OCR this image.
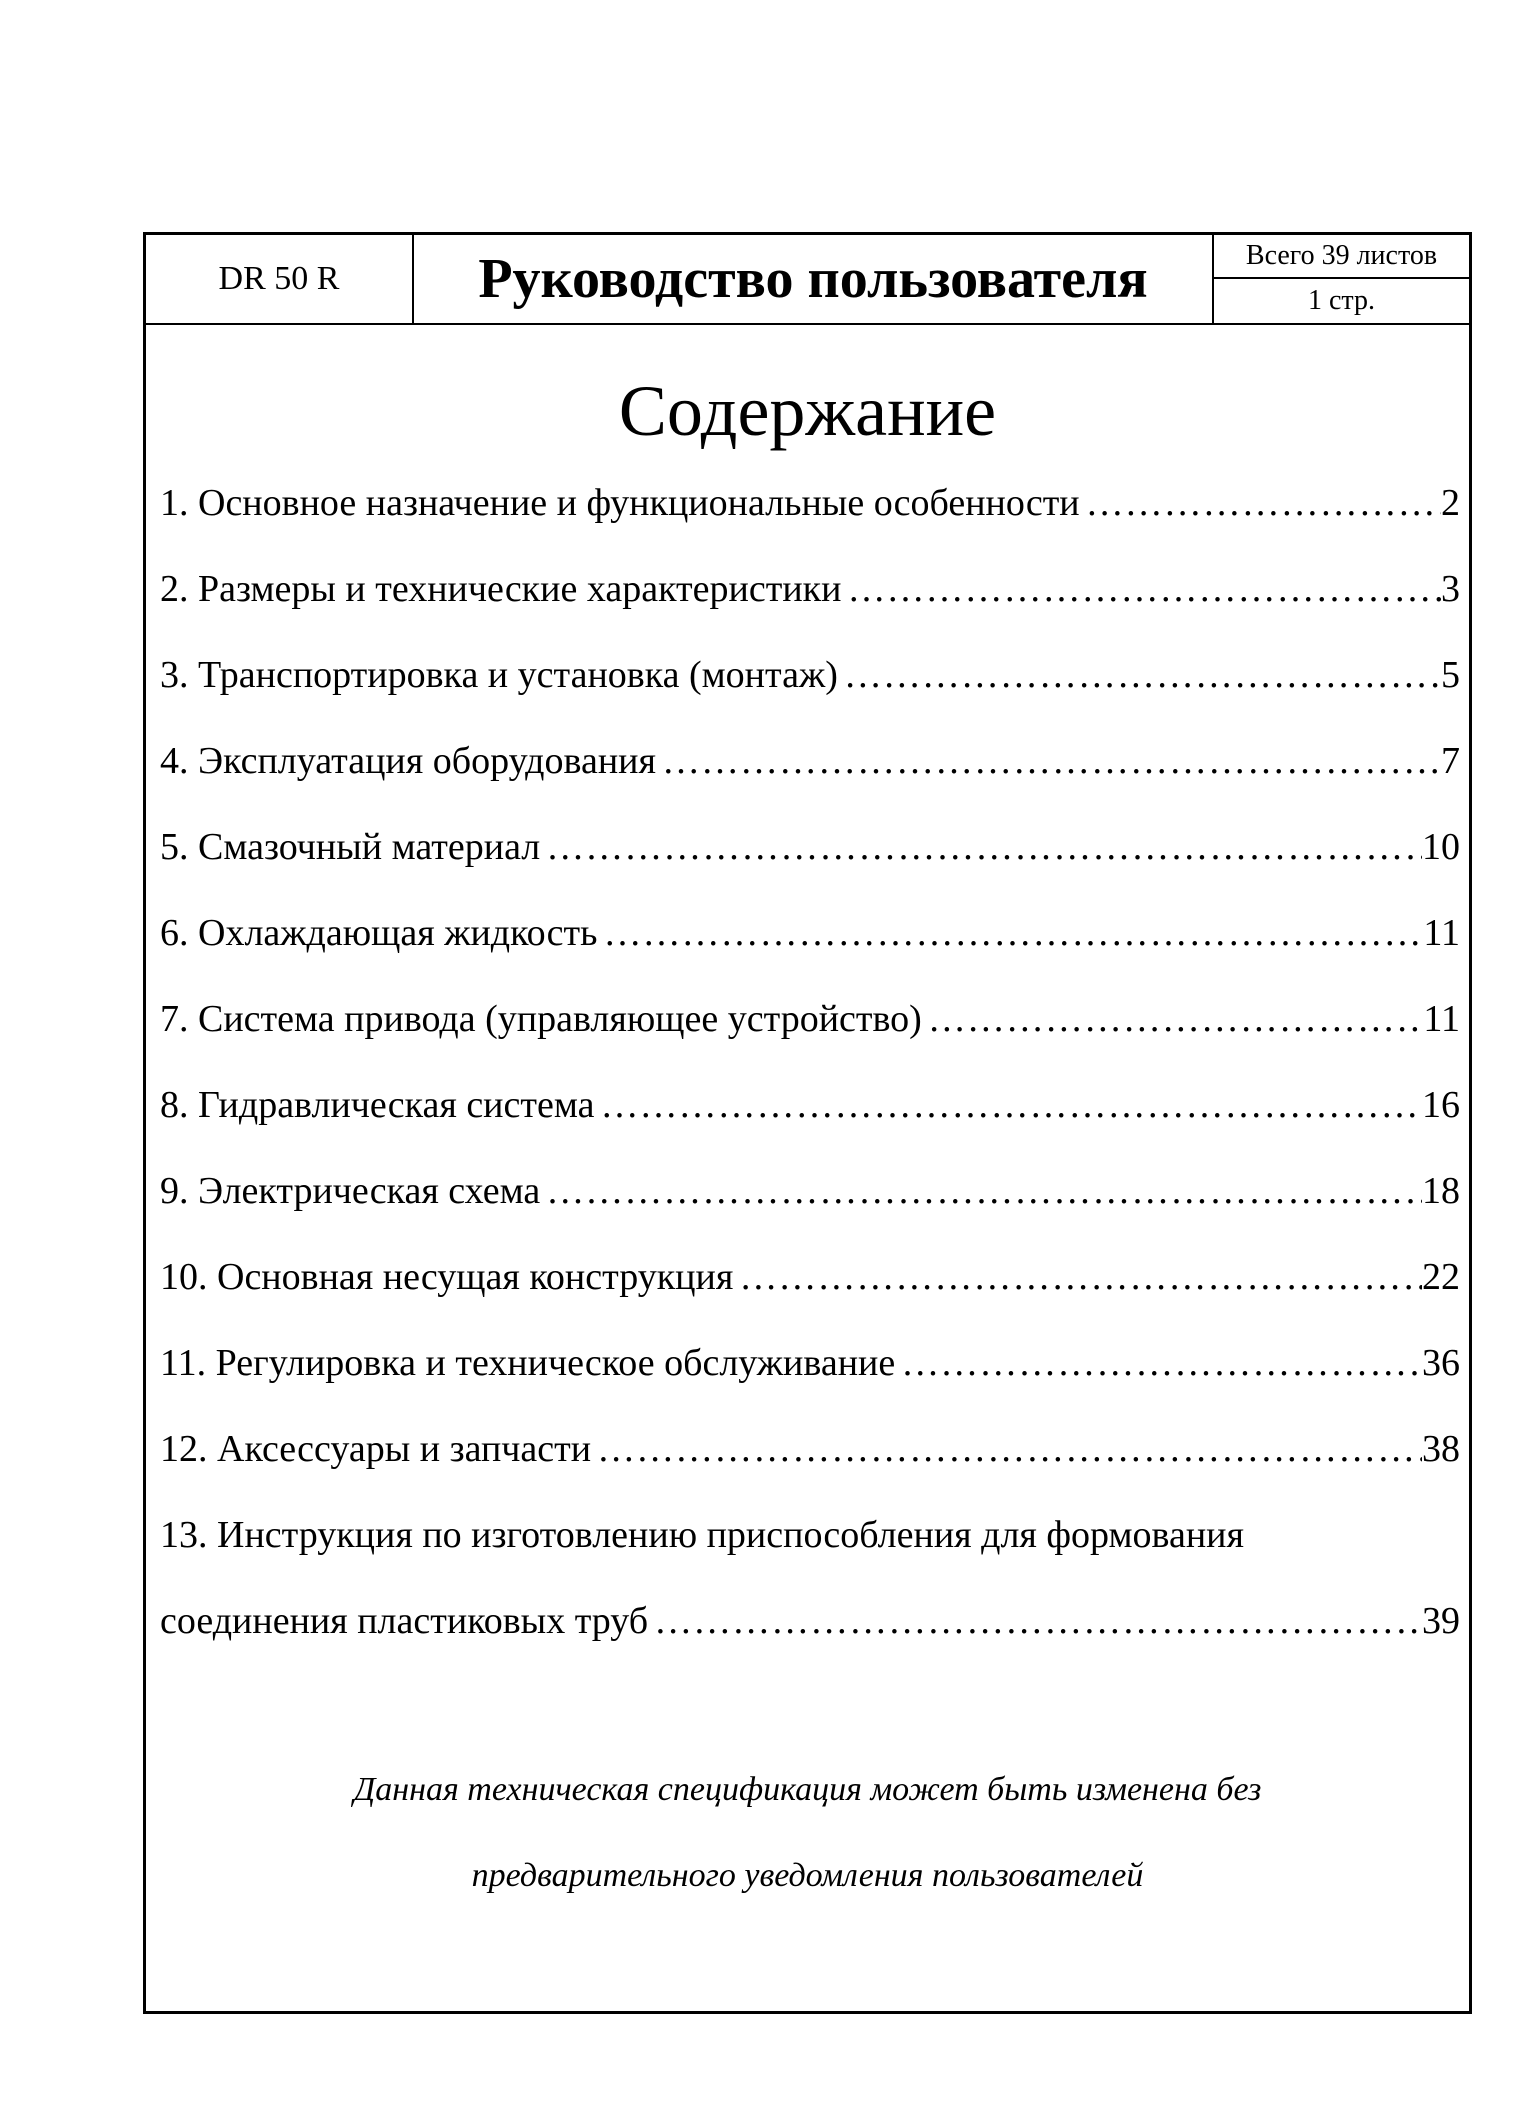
DR 50 R	Руководство пользователя	Всего 39 листов
1 стр.
Содержание
1. Основное назначение и функциональные особенности ……………………………………………………………………………………………………………………………………………………	2
2. Размеры и технические характеристики ……………………………………………………………………………………………………………………………………………………	3
3. Транспортировка и установка (монтаж) ……………………………………………………………………………………………………………………………………………………	5
4. Эксплуатация оборудования ……………………………………………………………………………………………………………………………………………………	7
5. Смазочный материал ……………………………………………………………………………………………………………………………………………………	10
6. Охлаждающая жидкость ……………………………………………………………………………………………………………………………………………………	11
7. Система привода (управляющее устройство) ……………………………………………………………………………………………………………………………………………………	11
8. Гидравлическая система ……………………………………………………………………………………………………………………………………………………	16
9. Электрическая схема ……………………………………………………………………………………………………………………………………………………	18
10. Основная несущая конструкция ……………………………………………………………………………………………………………………………………………………	22
11. Регулировка и техническое обслуживание ……………………………………………………………………………………………………………………………………………………	36
12. Аксессуары и запчасти ……………………………………………………………………………………………………………………………………………………	38
13. Инструкция по изготовлению приспособления для формования
соединения пластиковых труб ……………………………………………………………………………………………………………………………………………………	39
Данная техническая спецификация может быть изменена без
предварительного уведомления пользователей
